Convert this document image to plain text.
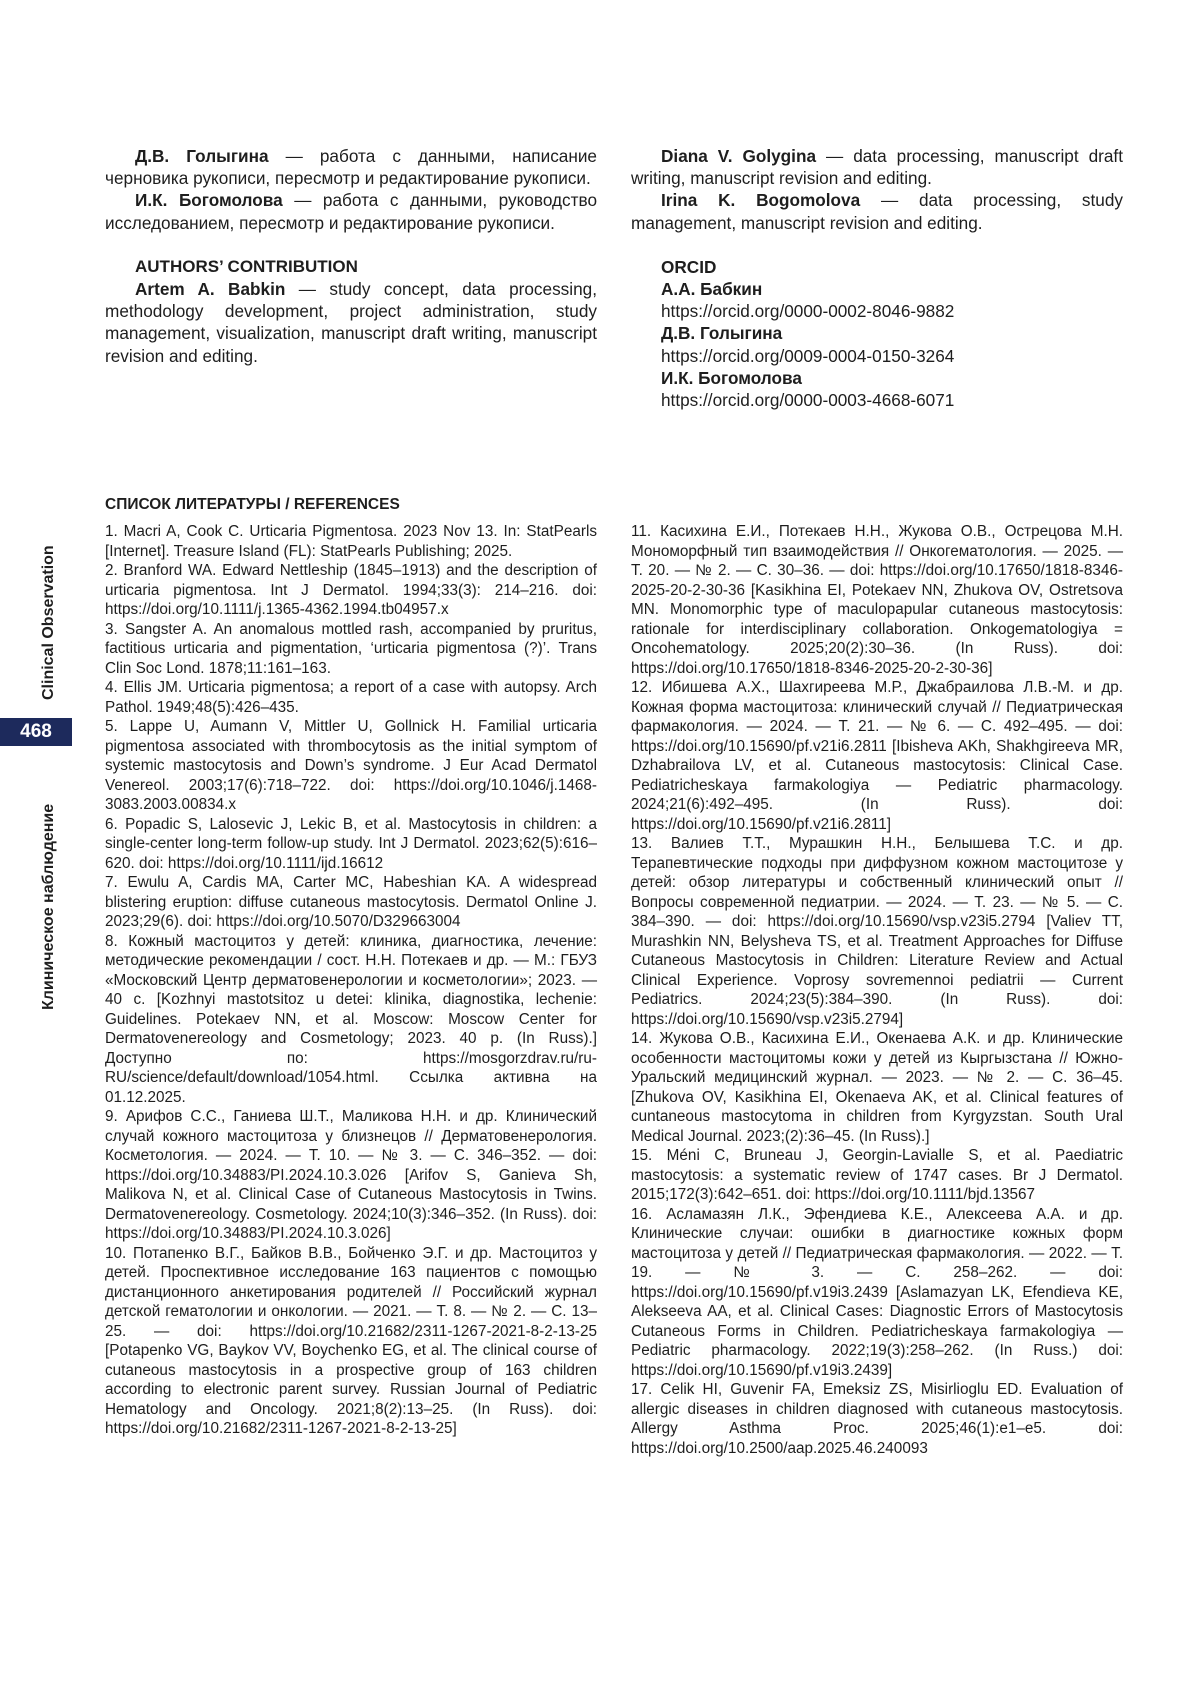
Clinical Observation
468
Клиническое наблюдение

Д.В. Голыгина — работа с данными, написание черновика рукописи, пересмотр и редактирование рукописи.

И.К. Богомолова — работа с данными, руководство исследованием, пересмотр и редактирование рукописи.

AUTHORS’ CONTRIBUTION

Artem A. Babkin — study concept, data processing, methodology development, project administration, study management, visualization, manuscript draft writing, manuscript revision and editing.

Diana V. Golygina — data processing, manuscript draft writing, manuscript revision and editing.

Irina K. Bogomolova — data processing, study management, manuscript revision and editing.

ORCID
А.А. Бабкин
https://orcid.org/0000-0002-8046-9882
Д.В. Голыгина
https://orcid.org/0009-0004-0150-3264
И.К. Богомолова
https://orcid.org/0000-0003-4668-6071
СПИСОК ЛИТЕРАТУРЫ / REFERENCES

1. Macri A, Cook C. Urticaria Pigmentosa. 2023 Nov 13. In: StatPearls [Internet]. Treasure Island (FL): StatPearls Publishing; 2025.

2. Branford WA. Edward Nettleship (1845–1913) and the description of urticaria pigmentosa. Int J Dermatol. 1994;33(3): 214–216. doi: https://doi.org/10.1111/j.1365-4362.1994.tb04957.x

3. Sangster A. An anomalous mottled rash, accompanied by pruritus, factitious urticaria and pigmentation, ‘urticaria pigmentosa (?)’. Trans Clin Soc Lond. 1878;11:161–163.

4. Ellis JM. Urticaria pigmentosa; a report of a case with autopsy. Arch Pathol. 1949;48(5):426–435.

5. Lappe U, Aumann V, Mittler U, Gollnick H. Familial urticaria pigmentosa associated with thrombocytosis as the initial symptom of systemic mastocytosis and Down’s syndrome. J Eur Acad Dermatol Venereol. 2003;17(6):718–722. doi: https://doi.org/10.1046/j.1468-3083.2003.00834.x

6. Popadic S, Lalosevic J, Lekic B, et al. Mastocytosis in children: a single-center long-term follow-up study. Int J Dermatol. 2023;62(5):616–620. doi: https://doi.org/10.1111/ijd.16612

7. Ewulu A, Cardis MA, Carter MC, Habeshian KA. A widespread blistering eruption: diffuse cutaneous mastocytosis. Dermatol Online J. 2023;29(6). doi: https://doi.org/10.5070/D329663004

8. Кожный мастоцитоз у детей: клиника, диагностика, лечение: методические рекомендации / сост. Н.Н. Потекаев и др. — М.: ГБУЗ «Московский Центр дерматовенерологии и косметологии»; 2023. — 40 с. [Kozhnyi mastotsitoz u detei: klinika, diagnostika, lechenie: Guidelines. Potekaev NN, et al. Moscow: Moscow Center for Dermatovenereology and Cosmetology; 2023. 40 p. (In Russ).] Доступно по: https://mosgorzdrav.ru/ru-RU/science/default/download/1054.html. Ссылка активна на 01.12.2025.

9. Арифов С.С., Ганиева Ш.Т., Маликова Н.Н. и др. Клинический случай кожного мастоцитоза у близнецов // Дерматовенерология. Косметология. — 2024. — Т. 10. — № 3. — С. 346–352. — doi: https://doi.org/10.34883/PI.2024.10.3.026 [Arifov S, Ganieva Sh, Malikova N, et al. Clinical Case of Cutaneous Mastocytosis in Twins. Dermatovenereology. Cosmetology. 2024;10(3):346–352. (In Russ). doi: https://doi.org/10.34883/PI.2024.10.3.026]

10. Потапенко В.Г., Байков В.В., Бойченко Э.Г. и др. Мастоцитоз у детей. Проспективное исследование 163 пациентов с помощью дистанционного анкетирования родителей // Российский журнал детской гематологии и онкологии. — 2021. — Т. 8. — № 2. — С. 13–25. — doi: https://doi.org/10.21682/2311-1267-2021-8-2-13-25 [Potapenko VG, Baykov VV, Boychenko EG, et al. The clinical course of cutaneous mastocytosis in a prospective group of 163 children according to electronic parent survey. Russian Journal of Pediatric Hematology and Oncology. 2021;8(2):13–25. (In Russ). doi: https://doi.org/10.21682/2311-1267-2021-8-2-13-25]

11. Касихина Е.И., Потекаев Н.Н., Жукова О.В., Острецова М.Н. Мономорфный тип взаимодействия // Онкогематология. — 2025. — Т. 20. — № 2. — С. 30–36. — doi: https://doi.org/10.17650/1818-8346-2025-20-2-30-36 [Kasikhina EI, Potekaev NN, Zhukova OV, Ostretsova MN. Monomorphic type of maculopapular cutaneous mastocytosis: rationale for interdisciplinary collaboration. Onkogematologiya = Oncohematology. 2025;20(2):30–36. (In Russ). doi: https://doi.org/10.17650/1818-8346-2025-20-2-30-36]

12. Ибишева А.Х., Шахгиреева М.Р., Джабраилова Л.В.-М. и др. Кожная форма мастоцитоза: клинический случай // Педиатрическая фармакология. — 2024. — Т. 21. — № 6. — С. 492–495. — doi: https://doi.org/10.15690/pf.v21i6.2811 [Ibisheva AKh, Shakhgireeva MR, Dzhabrailova LV, et al. Cutaneous mastocytosis: Clinical Case. Pediatricheskaya farmakologiya — Pediatric pharmacology. 2024;21(6):492–495. (In Russ). doi: https://doi.org/10.15690/pf.v21i6.2811]

13. Валиев Т.Т., Мурашкин Н.Н., Белышева Т.С. и др. Терапевтические подходы при диффузном кожном мастоцитозе у детей: обзор литературы и собственный клинический опыт // Вопросы современной педиатрии. — 2024. — Т. 23. — № 5. — С. 384–390. — doi: https://doi.org/10.15690/vsp.v23i5.2794 [Valiev TT, Murashkin NN, Belysheva TS, et al. Treatment Approaches for Diffuse Cutaneous Mastocytosis in Children: Literature Review and Actual Clinical Experience. Voprosy sovremennoi pediatrii — Current Pediatrics. 2024;23(5):384–390. (In Russ). doi: https://doi.org/10.15690/vsp.v23i5.2794]

14. Жукова О.В., Касихина Е.И., Окенаева А.К. и др. Клинические особенности мастоцитомы кожи у детей из Кыргызстана // Южно-Уральский медицинский журнал. — 2023. — № 2. — С. 36–45. [Zhukova OV, Kasikhina EI, Okenaeva AK, et al. Clinical features of cuntaneous mastocytoma in children from Kyrgyzstan. South Ural Medical Journal. 2023;(2):36–45. (In Russ).]

15. Méni C, Bruneau J, Georgin-Lavialle S, et al. Paediatric mastocytosis: a systematic review of 1747 cases. Br J Dermatol. 2015;172(3):642–651. doi: https://doi.org/10.1111/bjd.13567

16. Асламазян Л.К., Эфендиева К.Е., Алексеева А.А. и др. Клинические случаи: ошибки в диагностике кожных форм мастоцитоза у детей // Педиатрическая фармакология. — 2022. — Т. 19. — № 3. — С. 258–262. — doi: https://doi.org/10.15690/pf.v19i3.2439 [Aslamazyan LK, Efendieva KE, Alekseeva AA, et al. Clinical Cases: Diagnostic Errors of Mastocytosis Cutaneous Forms in Children. Pediatricheskaya farmakologiya — Pediatric pharmacology. 2022;19(3):258–262. (In Russ.) doi: https://doi.org/10.15690/pf.v19i3.2439]

17. Celik HI, Guvenir FA, Emeksiz ZS, Misirlioglu ED. Evaluation of allergic diseases in children diagnosed with cutaneous mastocytosis. Allergy Asthma Proc. 2025;46(1):e1–e5. doi: https://doi.org/10.2500/aap.2025.46.240093
